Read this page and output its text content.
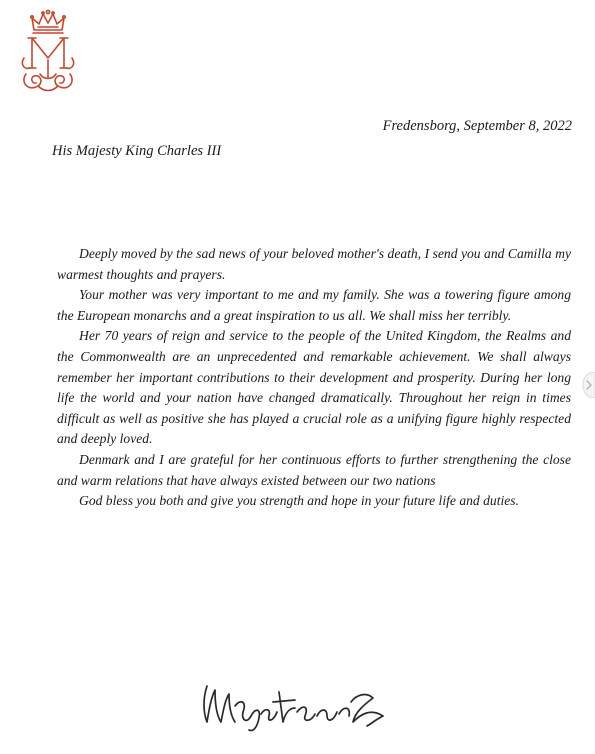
Fredensborg, September 8, 2022
His Majesty King Charles III

Deeply moved by the sad news of your beloved mother's death, I send you and Camilla my warmest thoughts and prayers.

Your mother was very important to me and my family. She was a towering figure among the European monarchs and a great inspiration to us all. We shall miss her terribly.

Her 70 years of reign and service to the people of the United Kingdom, the Realms and the Commonwealth are an unprecedented and remarkable achievement. We shall always remember her important contributions to their development and prosperity. During her long life the world and your nation have changed dramatically. Throughout her reign in times difficult as well as positive she has played a crucial role as a unifying figure highly respected and deeply loved.

Denmark and I are grateful for her continuous efforts to further strengthening the close and warm relations that have always existed between our two nations

God bless you both and give you strength and hope in your future life and duties.
